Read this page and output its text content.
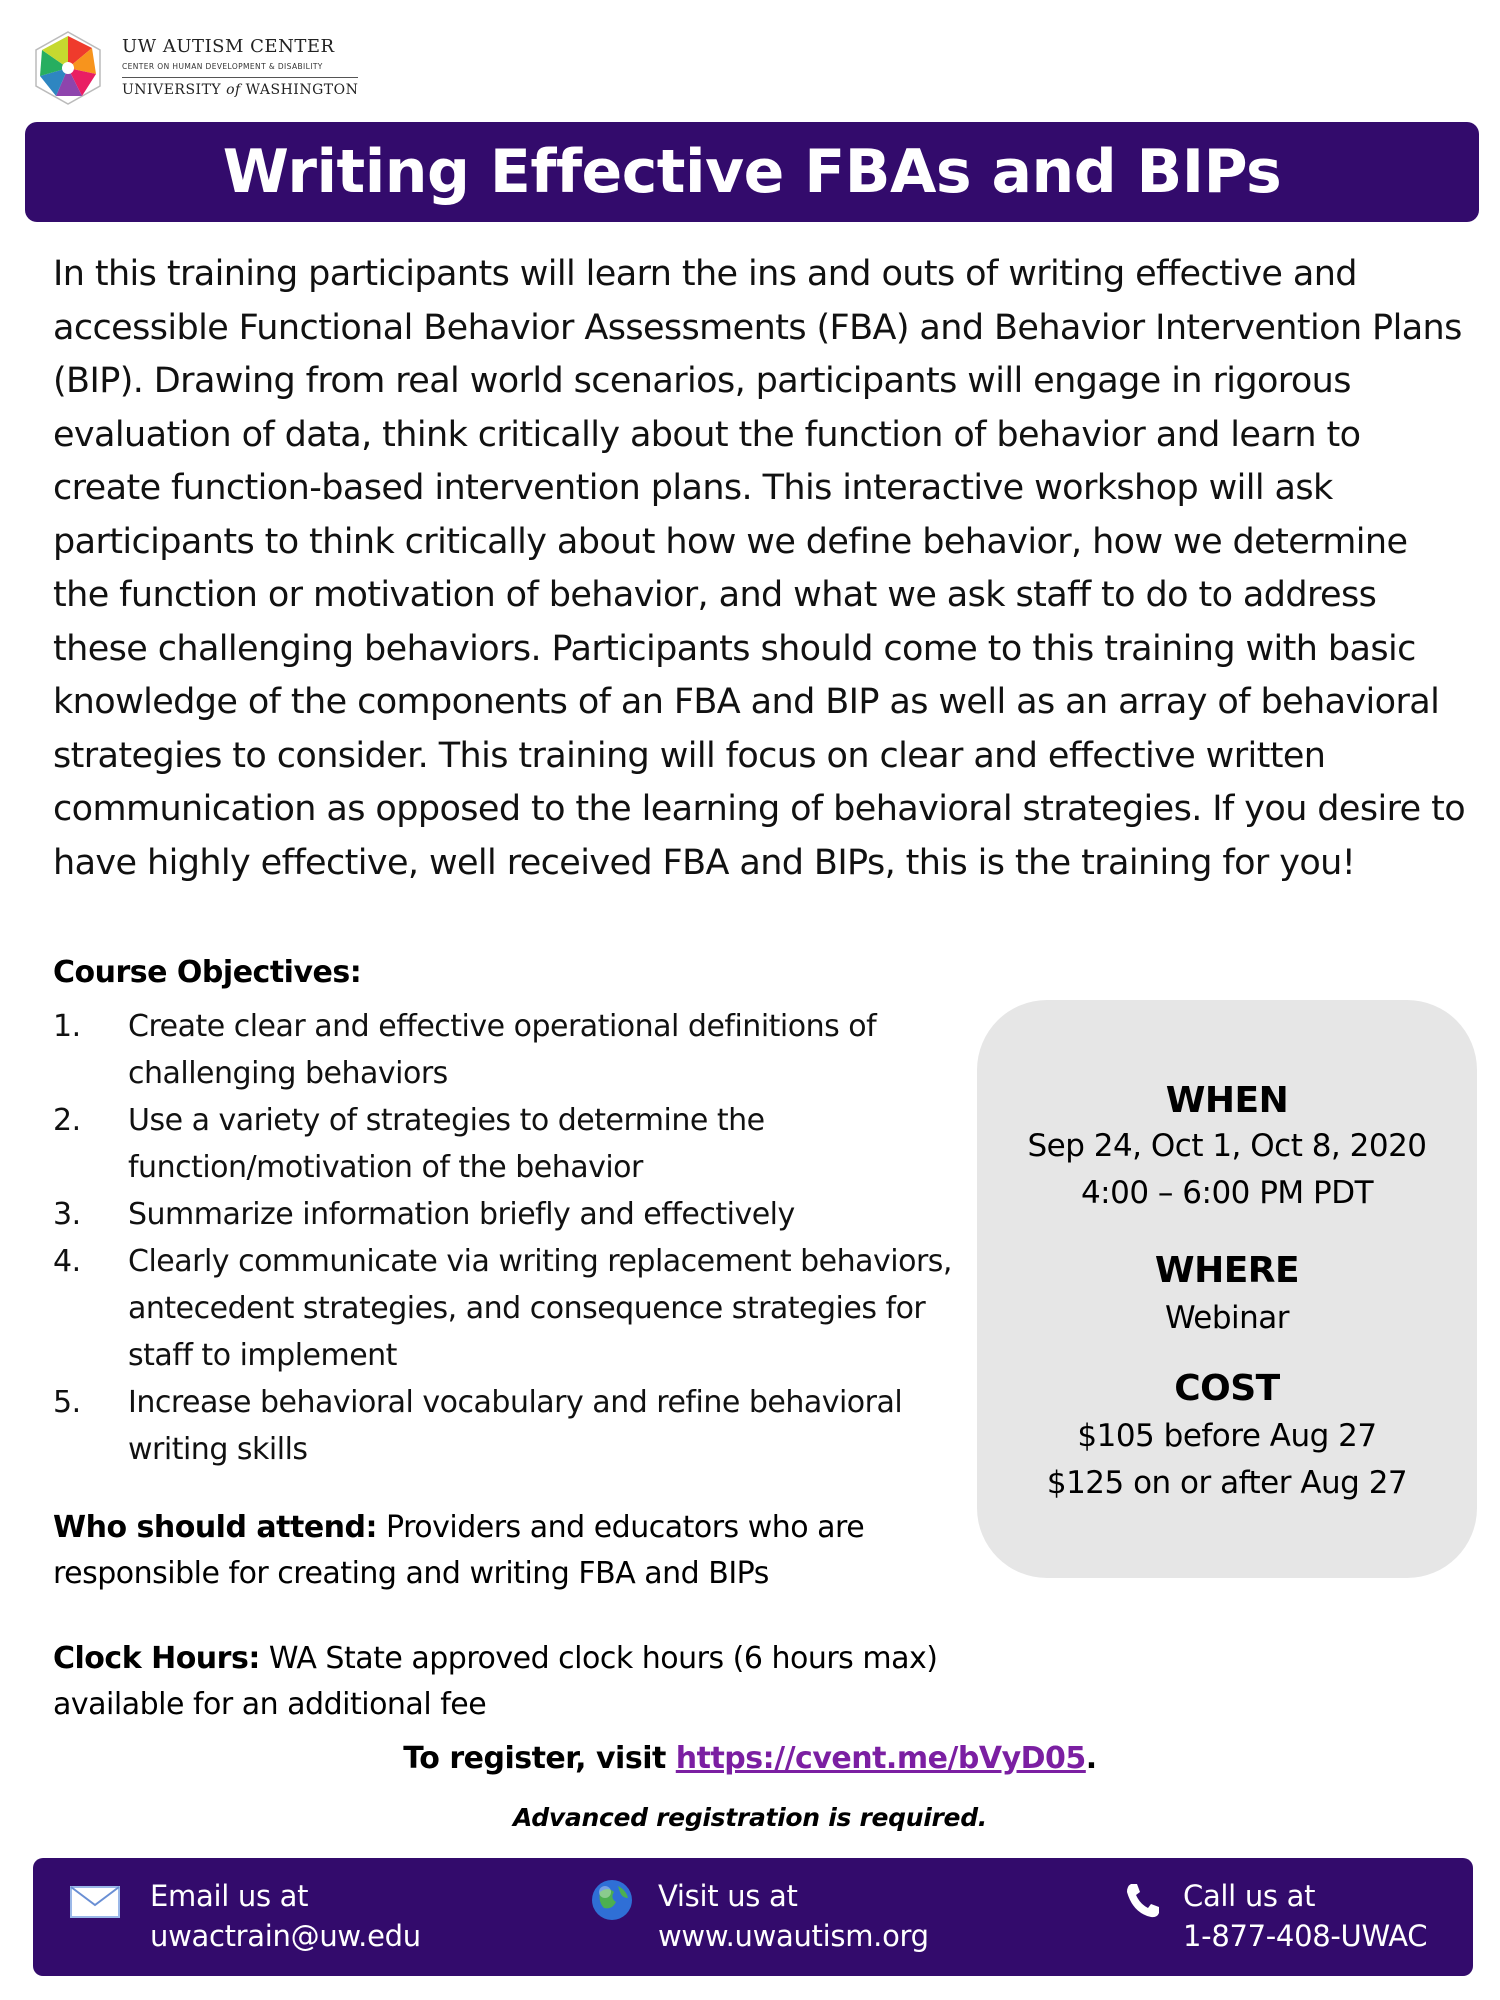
UW AUTISM CENTER
CENTER ON HUMAN DEVELOPMENT & DISABILITY
UNIVERSITY of WASHINGTON
Writing Effective FBAs and BIPs
In this training participants will learn the ins and outs of writing effective and accessible Functional Behavior Assessments (FBA) and Behavior Intervention Plans (BIP). Drawing from real world scenarios, participants will engage in rigorous evaluation of data, think critically about the function of behavior and learn to create function-based intervention plans. This interactive workshop will ask participants to think critically about how we define behavior, how we determine the function or motivation of behavior, and what we ask staff to do to address these challenging behaviors. Participants should come to this training with basic knowledge of the components of an FBA and BIP as well as an array of behavioral strategies to consider. This training will focus on clear and effective written communication as opposed to the learning of behavioral strategies. If you desire to have highly effective, well received FBA and BIPs, this is the training for you!
Course Objectives:
1. Create clear and effective operational definitions of challenging behaviors
2. Use a variety of strategies to determine the function/motivation of the behavior
3. Summarize information briefly and effectively
4. Clearly communicate via writing replacement behaviors, antecedent strategies, and consequence strategies for staff to implement
5. Increase behavioral vocabulary and refine behavioral writing skills
Who should attend: Providers and educators who are responsible for creating and writing FBA and BIPs
Clock Hours: WA State approved clock hours (6 hours max) available for an additional fee
WHEN
Sep 24, Oct 1, Oct 8, 2020
4:00 – 6:00 PM PDT
WHERE
Webinar
COST
$105 before Aug 27
$125 on or after Aug 27
To register, visit https://cvent.me/bVyD05.
Advanced registration is required.
Email us at
uwactrain@uw.edu
Visit us at
www.uwautism.org
Call us at
1-877-408-UWAC
